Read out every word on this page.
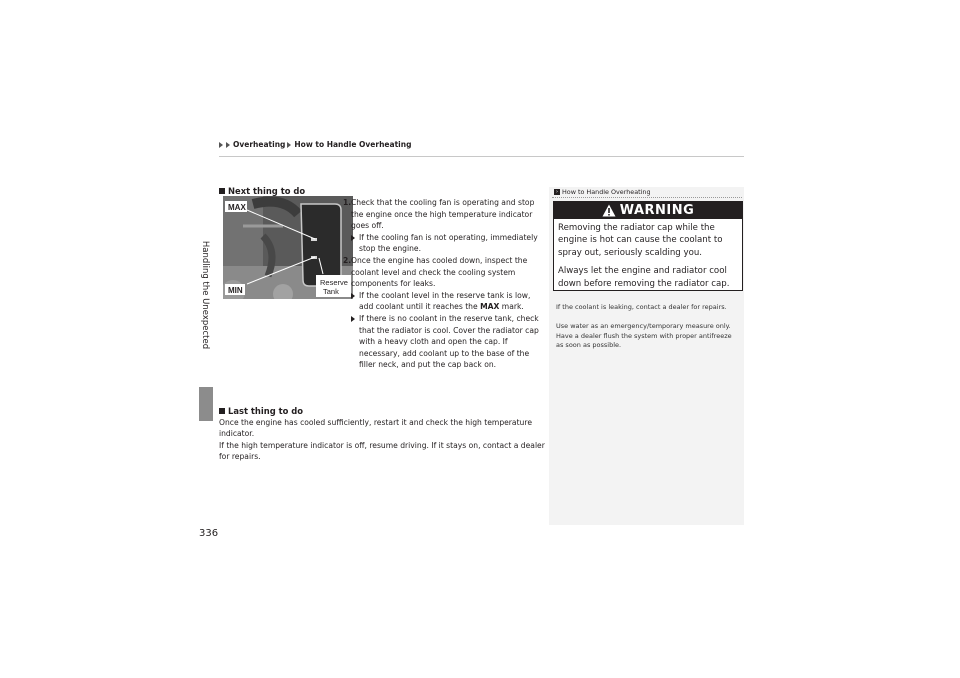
Overheating How to Handle Overheating
Handling the Unexpected
336
Next thing to do
MAX
MIN
Reserve
Tank
1. Check that the cooling fan is operating and stop the engine once the high temperature indicator goes off.
If the cooling fan is not operating, immediately stop the engine.
2. Once the engine has cooled down, inspect the coolant level and check the cooling system components for leaks.
If the coolant level in the reserve tank is low, add coolant until it reaches the MAX mark.
If there is no coolant in the reserve tank, check that the radiator is cool. Cover the radiator cap with a heavy cloth and open the cap. If necessary, add coolant up to the base of the filler neck, and put the cap back on.
Last thing to do
Once the engine has cooled sufficiently, restart it and check the high temperature indicator.
If the high temperature indicator is off, resume driving. If it stays on, contact a dealer for repairs.
› How to Handle Overheating
WARNING

Removing the radiator cap while the engine is hot can cause the coolant to spray out, seriously scalding you.

Always let the engine and radiator cool down before removing the radiator cap.

If the coolant is leaking, contact a dealer for repairs.
Use water as an emergency/temporary measure only. Have a dealer flush the system with proper antifreeze as soon as possible.
